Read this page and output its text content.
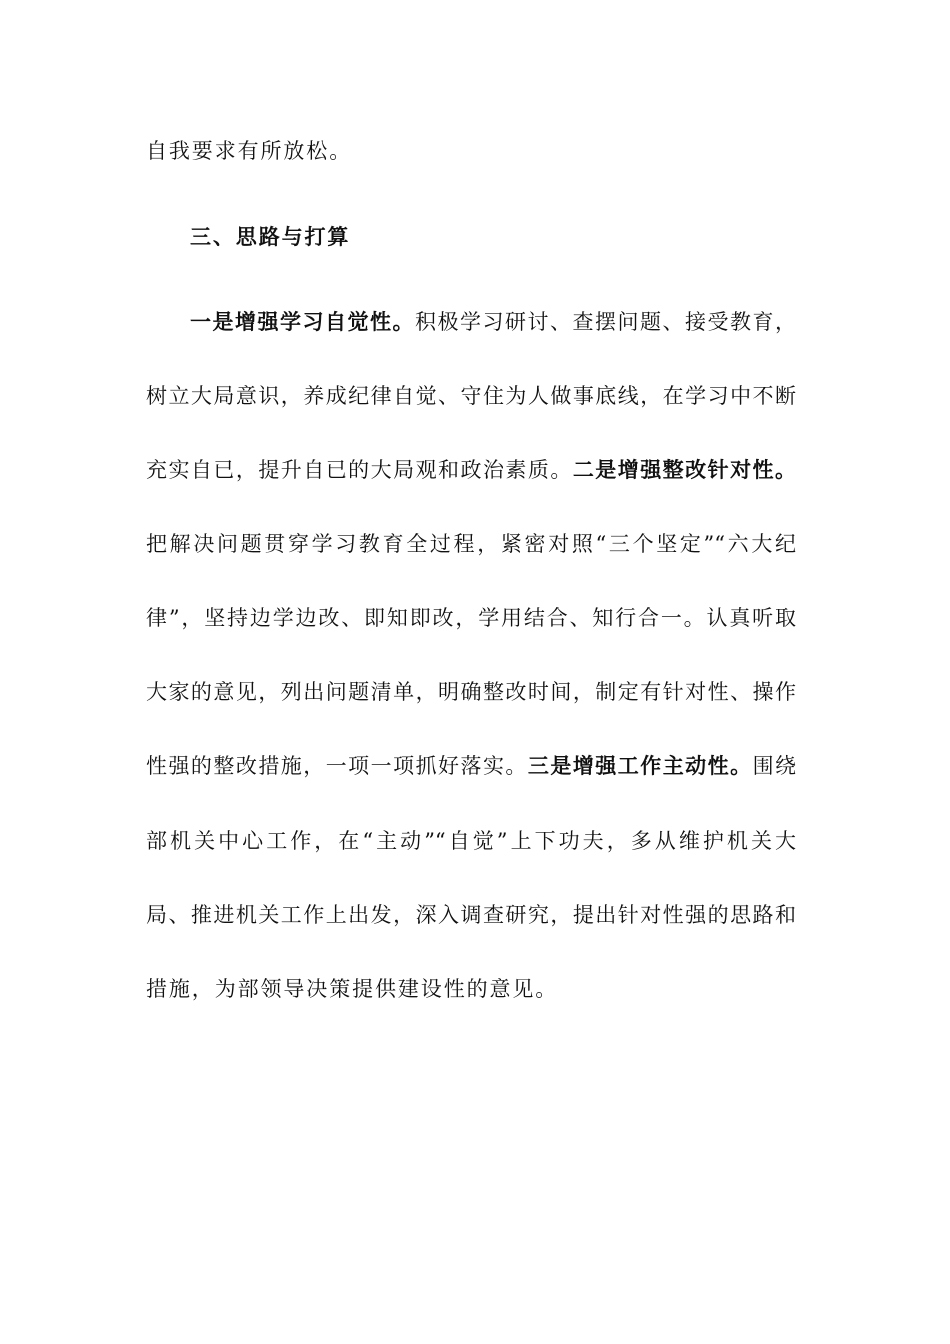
自我要求有所放松。
三、思路与打算
一是增强学习自觉性。积极学习研讨、查摆问题、接受教育，
树立大局意识，养成纪律自觉、守住为人做事底线，在学习中不断
充实自已，提升自已的大局观和政治素质。二是增强整改针对性。
把解决问题贯穿学习教育全过程，紧密对照“三个坚定”“六大纪
律”，坚持边学边改、即知即改，学用结合、知行合一。认真听取
大家的意见，列出问题清单，明确整改时间，制定有针对性、操作
性强的整改措施，一项一项抓好落实。三是增强工作主动性。围绕
部机关中心工作，在“主动”“自觉”上下功夫，多从维护机关大
局、推进机关工作上出发，深入调查研究，提出针对性强的思路和
措施，为部领导决策提供建设性的意见。
